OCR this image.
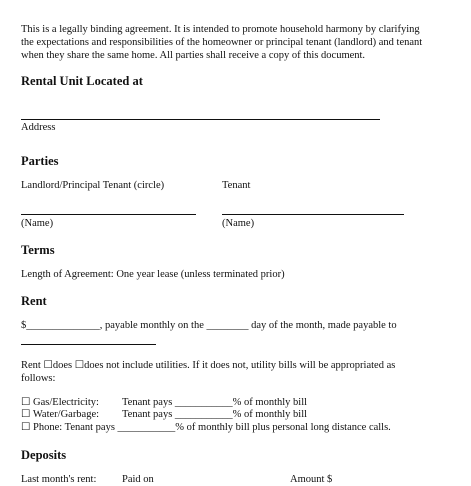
This is a legally binding agreement. It is intended to promote household harmony by clarifying
the expectations and responsibilities of the homeowner or principal tenant (landlord) and tenant
when they share the same home. All parties shall receive a copy of this document.
Rental Unit Located at
Address
Parties
Landlord/Principal Tenant (circle)	Tenant
(Name)	(Name)
Terms
Length of Agreement: One year lease (unless terminated prior)
Rent
$______________, payable monthly on the ________ day of the month, made payable to
Rent ☐does ☐does not include utilities. If it does not, utility bills will be appropriated as
follows:
☐ Gas/Electricity: Tenant pays ___________% of monthly bill
☐ Water/Garbage: Tenant pays ___________% of monthly bill
☐ Phone: Tenant pays ___________% of monthly bill plus personal long distance calls.
Deposits
Last month's rent: Paid on	Amount $
